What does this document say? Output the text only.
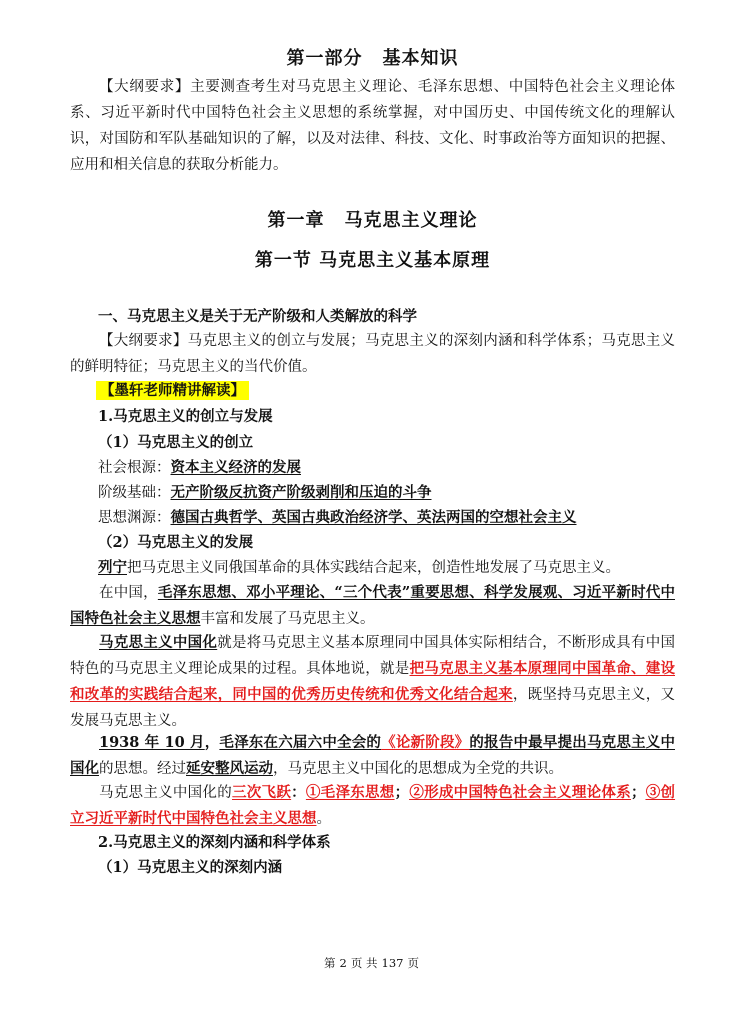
第一部分 基本知识
【大纲要求】主要测查考生对马克思主义理论、毛泽东思想、中国特色社会主义理论体系、习近平新时代中国特色社会主义思想的系统掌握，对中国历史、中国传统文化的理解认识，对国防和军队基础知识的了解，以及对法律、科技、文化、时事政治等方面知识的把握、应用和相关信息的获取分析能力。
第一章 马克思主义理论
第一节 马克思主义基本原理
一、马克思主义是关于无产阶级和人类解放的科学
【大纲要求】马克思主义的创立与发展；马克思主义的深刻内涵和科学体系；马克思主义的鲜明特征；马克思主义的当代价值。
【墨轩老师精讲解读】
1.马克思主义的创立与发展
（1）马克思主义的创立
社会根源：资本主义经济的发展
阶级基础：无产阶级反抗资产阶级剥削和压迫的斗争
思想渊源：德国古典哲学、英国古典政治经济学、英法两国的空想社会主义
（2）马克思主义的发展
列宁把马克思主义同俄国革命的具体实践结合起来，创造性地发展了马克思主义。
在中国，毛泽东思想、邓小平理论、“三个代表”重要思想、科学发展观、习近平新时代中国特色社会主义思想丰富和发展了马克思主义。
马克思主义中国化就是将马克思主义基本原理同中国具体实际相结合，不断形成具有中国特色的马克思主义理论成果的过程。具体地说，就是把马克思主义基本原理同中国革命、建设和改革的实践结合起来，同中国的优秀历史传统和优秀文化结合起来，既坚持马克思主义，又发展马克思主义。
1938 年 10 月，毛泽东在六届六中全会的《论新阶段》的报告中最早提出马克思主义中国化的思想。经过延安整风运动，马克思主义中国化的思想成为全党的共识。
马克思主义中国化的三次飞跃：①毛泽东思想；②形成中国特色社会主义理论体系；③创立习近平新时代中国特色社会主义思想。
2.马克思主义的深刻内涵和科学体系
（1）马克思主义的深刻内涵
第 2 页 共 137 页
